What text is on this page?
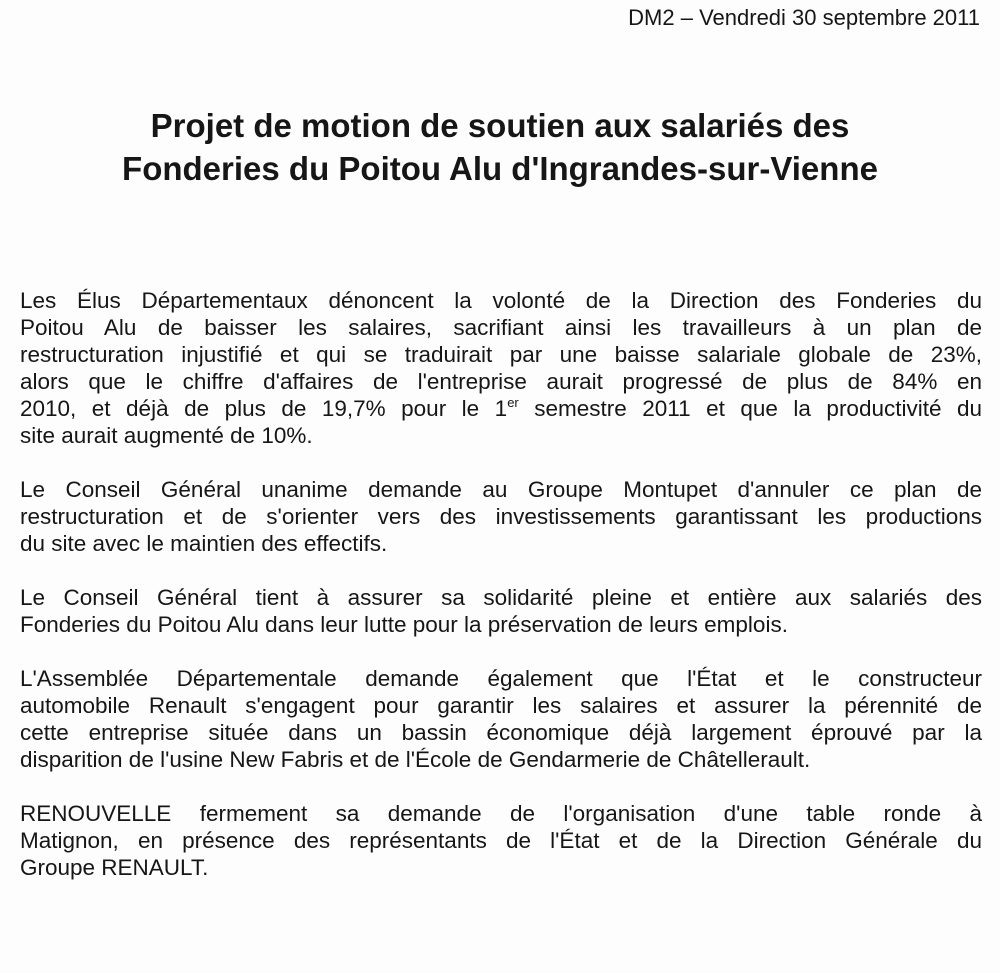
DM2 – Vendredi 30 septembre 2011
Projet de motion de soutien aux salariés des
Fonderies du Poitou Alu d'Ingrandes-sur-Vienne

Les Élus Départementaux dénoncent la volonté de la Direction des Fonderies du
Poitou Alu de baisser les salaires, sacrifiant ainsi les travailleurs à un plan de
restructuration injustifié et qui se traduirait par une baisse salariale globale de 23%,
alors que le chiffre d'affaires de l'entreprise aurait progressé de plus de 84% en
2010, et déjà de plus de 19,7% pour le 1er semestre 2011 et que la productivité du
site aurait augmenté de 10%.

Le Conseil Général unanime demande au Groupe Montupet d'annuler ce plan de
restructuration et de s'orienter vers des investissements garantissant les productions
du site avec le maintien des effectifs.

Le Conseil Général tient à assurer sa solidarité pleine et entière aux salariés des
Fonderies du Poitou Alu dans leur lutte pour la préservation de leurs emplois.

L'Assemblée Départementale demande également que l'État et le constructeur
automobile Renault s'engagent pour garantir les salaires et assurer la pérennité de
cette entreprise située dans un bassin économique déjà largement éprouvé par la
disparition de l'usine New Fabris et de l'École de Gendarmerie de Châtellerault.

RENOUVELLE fermement sa demande de l'organisation d'une table ronde à
Matignon, en présence des représentants de l'État et de la Direction Générale du
Groupe RENAULT.
